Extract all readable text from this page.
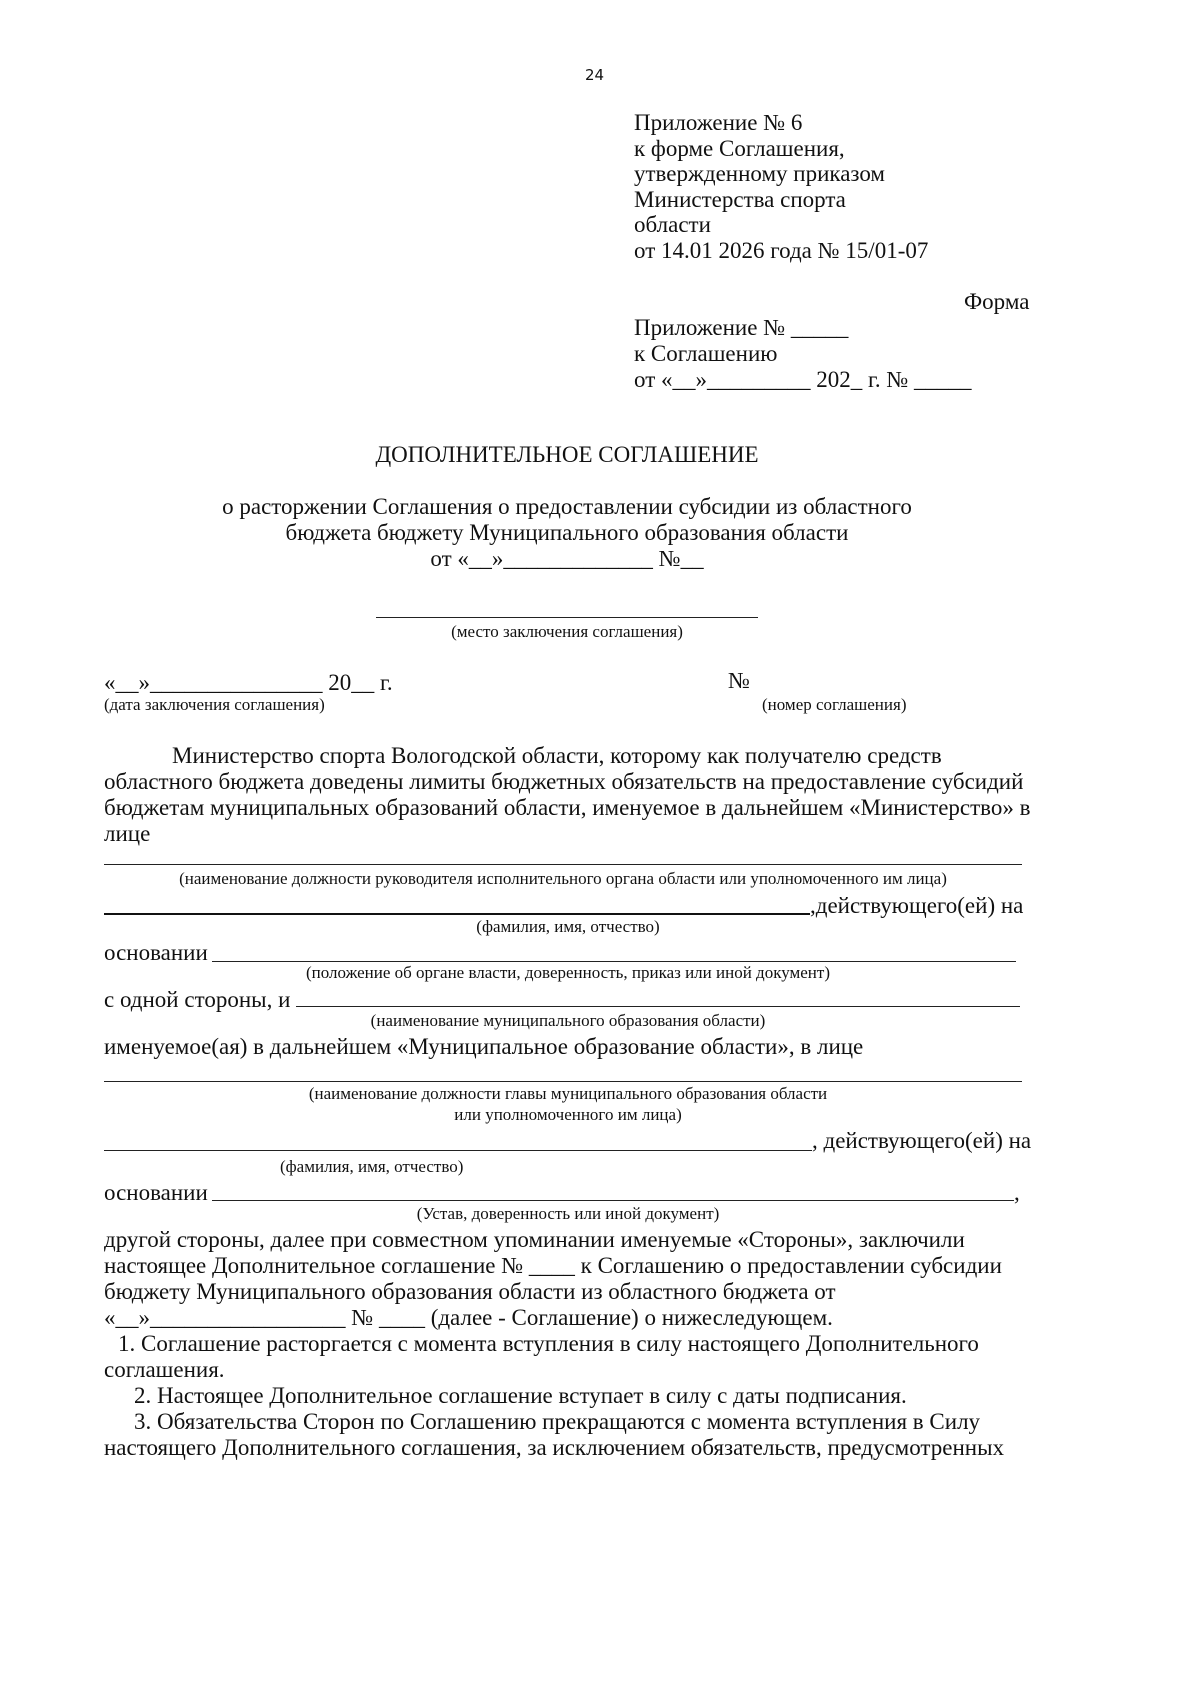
24
Приложение № 6
к форме Соглашения,
утвержденному приказом
Министерства спорта
области
от 14.01 2026 года № 15/01-07
Форма
Приложение № _____
к Соглашению
от «__»_________ 202_ г. № _____
ДОПОЛНИТЕЛЬНОЕ СОГЛАШЕНИЕ
о расторжении Соглашения о предоставлении субсидии из областного
бюджета бюджету Муниципального образования области
от «__»_____________ №__
(место заключения соглашения)
«__»_______________ 20__ г.
(дата заключения соглашения)
№
(номер соглашения)
Министерство спорта Вологодской области, которому как получателю средств
областного бюджета доведены лимиты бюджетных обязательств на предоставление субсидий
бюджетам муниципальных образований области, именуемое в дальнейшем «Министерство» в
лице
(наименование должности руководителя исполнительного органа области или уполномоченного им лица)
,действующего(ей) на
(фамилия, имя, отчество)
основании
(положение об органе власти, доверенность, приказ или иной документ)
с одной стороны, и
(наименование муниципального образования области)
именуемое(ая) в дальнейшем «Муниципальное образование области», в лице
(наименование должности главы муниципального образования области
или уполномоченного им лица)
, действующего(ей) на
(фамилия, имя, отчество)
основании	,
(Устав, доверенность или иной документ)
другой стороны, далее при совместном упоминании именуемые «Стороны», заключили
настоящее Дополнительное соглашение № ____ к Соглашению о предоставлении субсидии
бюджету Муниципального образования области из областного бюджета от
«__»_________________ № ____ (далее - Соглашение) о нижеследующем.
1. Соглашение расторгается с момента вступления в силу настоящего Дополнительного
соглашения.
2. Настоящее Дополнительное соглашение вступает в силу с даты подписания.
3. Обязательства Сторон по Соглашению прекращаются с момента вступления в Силу
настоящего Дополнительного соглашения, за исключением обязательств, предусмотренных
